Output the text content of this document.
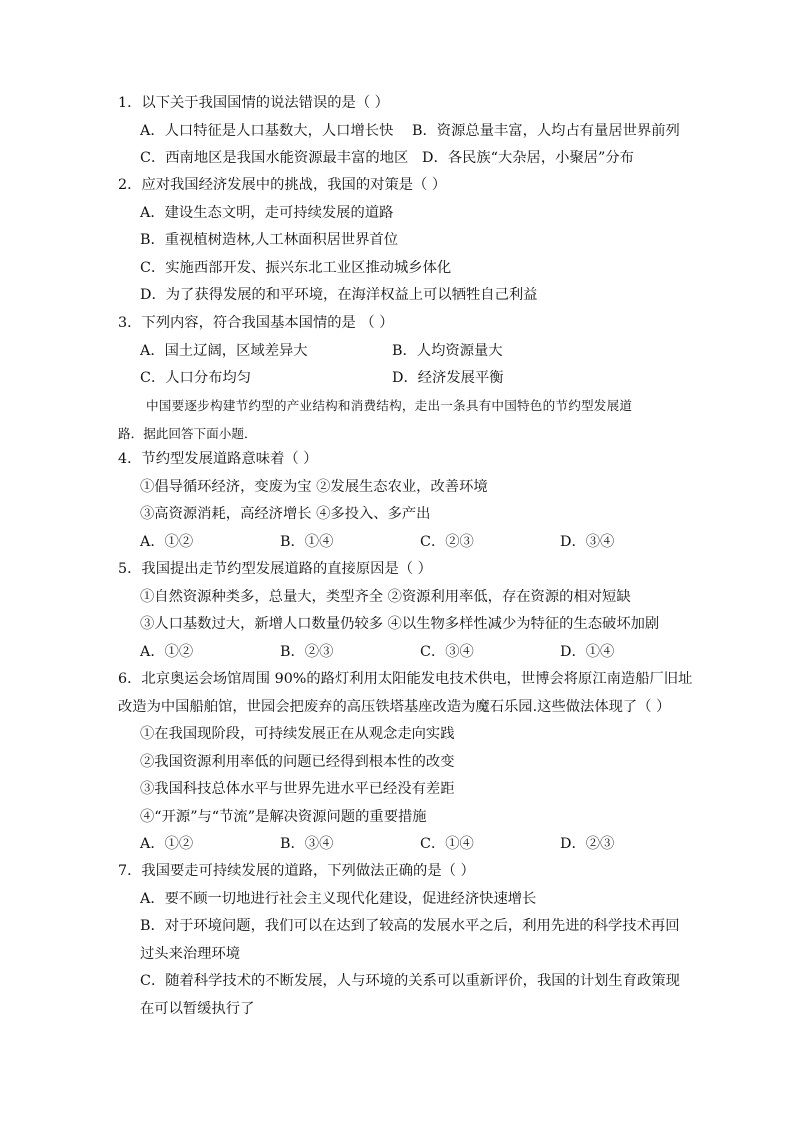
1．以下关于我国国情的说法错误的是（ ）
A．人口特征是人口基数大，人口增长快	B．资源总量丰富，人均占有量居世界前列
C．西南地区是我国水能资源最丰富的地区 D．各民族“大杂居，小聚居”分布
2．应对我国经济发展中的挑战，我国的对策是（ ）
A．建设生态文明，走可持续发展的道路
B．重视植树造林,人工林面积居世界首位
C．实施西部开发、振兴东北工业区推动城乡体化
D．为了获得发展的和平环境，在海洋权益上可以牺牲自己利益
3．下列内容，符合我国基本国情的是 （ ）
A．国土辽阔，区域差异大	B．人均资源量大
C．人口分布均匀	D．经济发展平衡
中国要逐步构建节约型的产业结构和消费结构，走出一条具有中国特色的节约型发展道
路．据此回答下面小题．
4．节约型发展道路意味着（ ）
①倡导循环经济，变废为宝 ②发展生态农业，改善环境
③高资源消耗，高经济增长 ④多投入、多产出
A．①②	B．①④	C．②③	D．③④
5．我国提出走节约型发展道路的直接原因是（ ）
①自然资源种类多，总量大，类型齐全 ②资源利用率低，存在资源的相对短缺
③人口基数过大，新增人口数量仍较多 ④以生物多样性减少为特征的生态破坏加剧
A．①②	B．②③	C．③④	D．①④
6．北京奥运会场馆周围 90%的路灯利用太阳能发电技术供电，世博会将原江南造船厂旧址
改造为中国船舶馆，世园会把废弃的高压铁塔基座改造为魔石乐园.这些做法体现了（ ）
①在我国现阶段，可持续发展正在从观念走向实践
②我国资源利用率低的问题已经得到根本性的改变
③我国科技总体水平与世界先进水平已经没有差距
④“开源”与“节流”是解决资源问题的重要措施
A．①②	B．③④	C．①④	D．②③
7．我国要走可持续发展的道路，下列做法正确的是（ ）
A．要不顾一切地进行社会主义现代化建设，促进经济快速增长
B．对于环境问题，我们可以在达到了较高的发展水平之后，利用先进的科学技术再回
过头来治理环境
C．随着科学技术的不断发展，人与环境的关系可以重新评价，我国的计划生育政策现
在可以暂缓执行了
